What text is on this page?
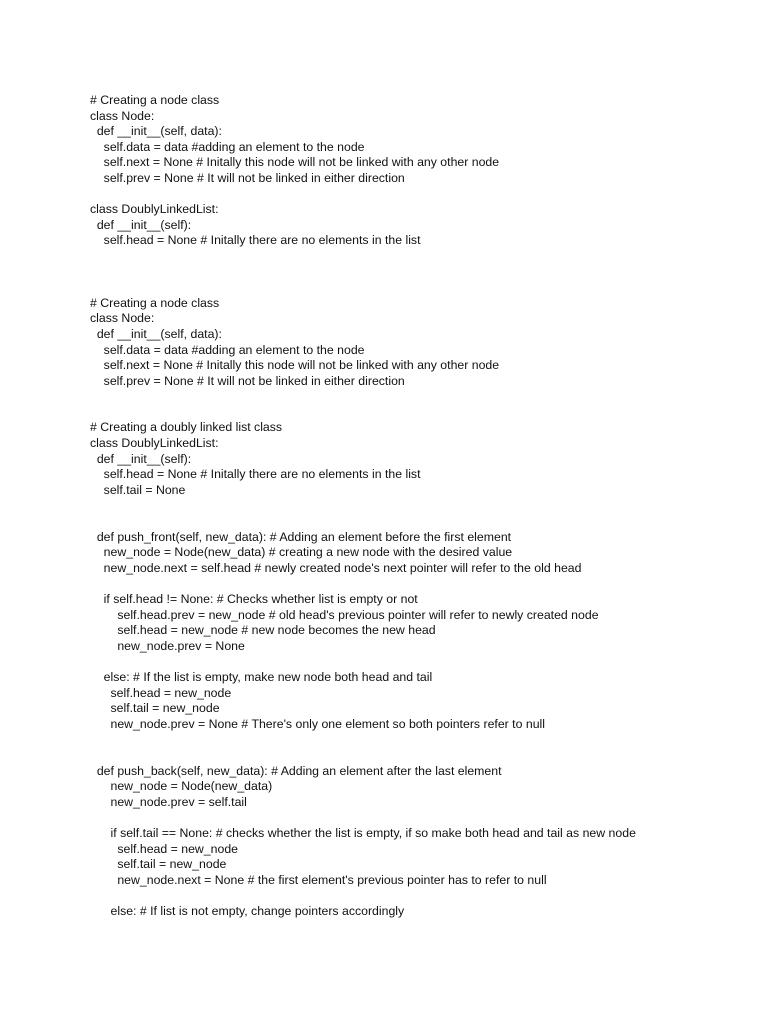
# Creating a node class
class Node:
def __init__(self, data):
self.data = data #adding an element to the node
self.next = None # Initally this node will not be linked with any other node
self.prev = None # It will not be linked in either direction
class DoublyLinkedList:
def __init__(self):
self.head = None # Initally there are no elements in the list
# Creating a node class
class Node:
def __init__(self, data):
self.data = data #adding an element to the node
self.next = None # Initally this node will not be linked with any other node
self.prev = None # It will not be linked in either direction
# Creating a doubly linked list class
class DoublyLinkedList:
def __init__(self):
self.head = None # Initally there are no elements in the list
self.tail = None
def push_front(self, new_data): # Adding an element before the first element
new_node = Node(new_data) # creating a new node with the desired value
new_node.next = self.head # newly created node's next pointer will refer to the old head
if self.head != None: # Checks whether list is empty or not
self.head.prev = new_node # old head's previous pointer will refer to newly created node
self.head = new_node # new node becomes the new head
new_node.prev = None
else: # If the list is empty, make new node both head and tail
self.head = new_node
self.tail = new_node
new_node.prev = None # There's only one element so both pointers refer to null
def push_back(self, new_data): # Adding an element after the last element
new_node = Node(new_data)
new_node.prev = self.tail
if self.tail == None: # checks whether the list is empty, if so make both head and tail as new node
self.head = new_node
self.tail = new_node
new_node.next = None # the first element's previous pointer has to refer to null
else: # If list is not empty, change pointers accordingly
